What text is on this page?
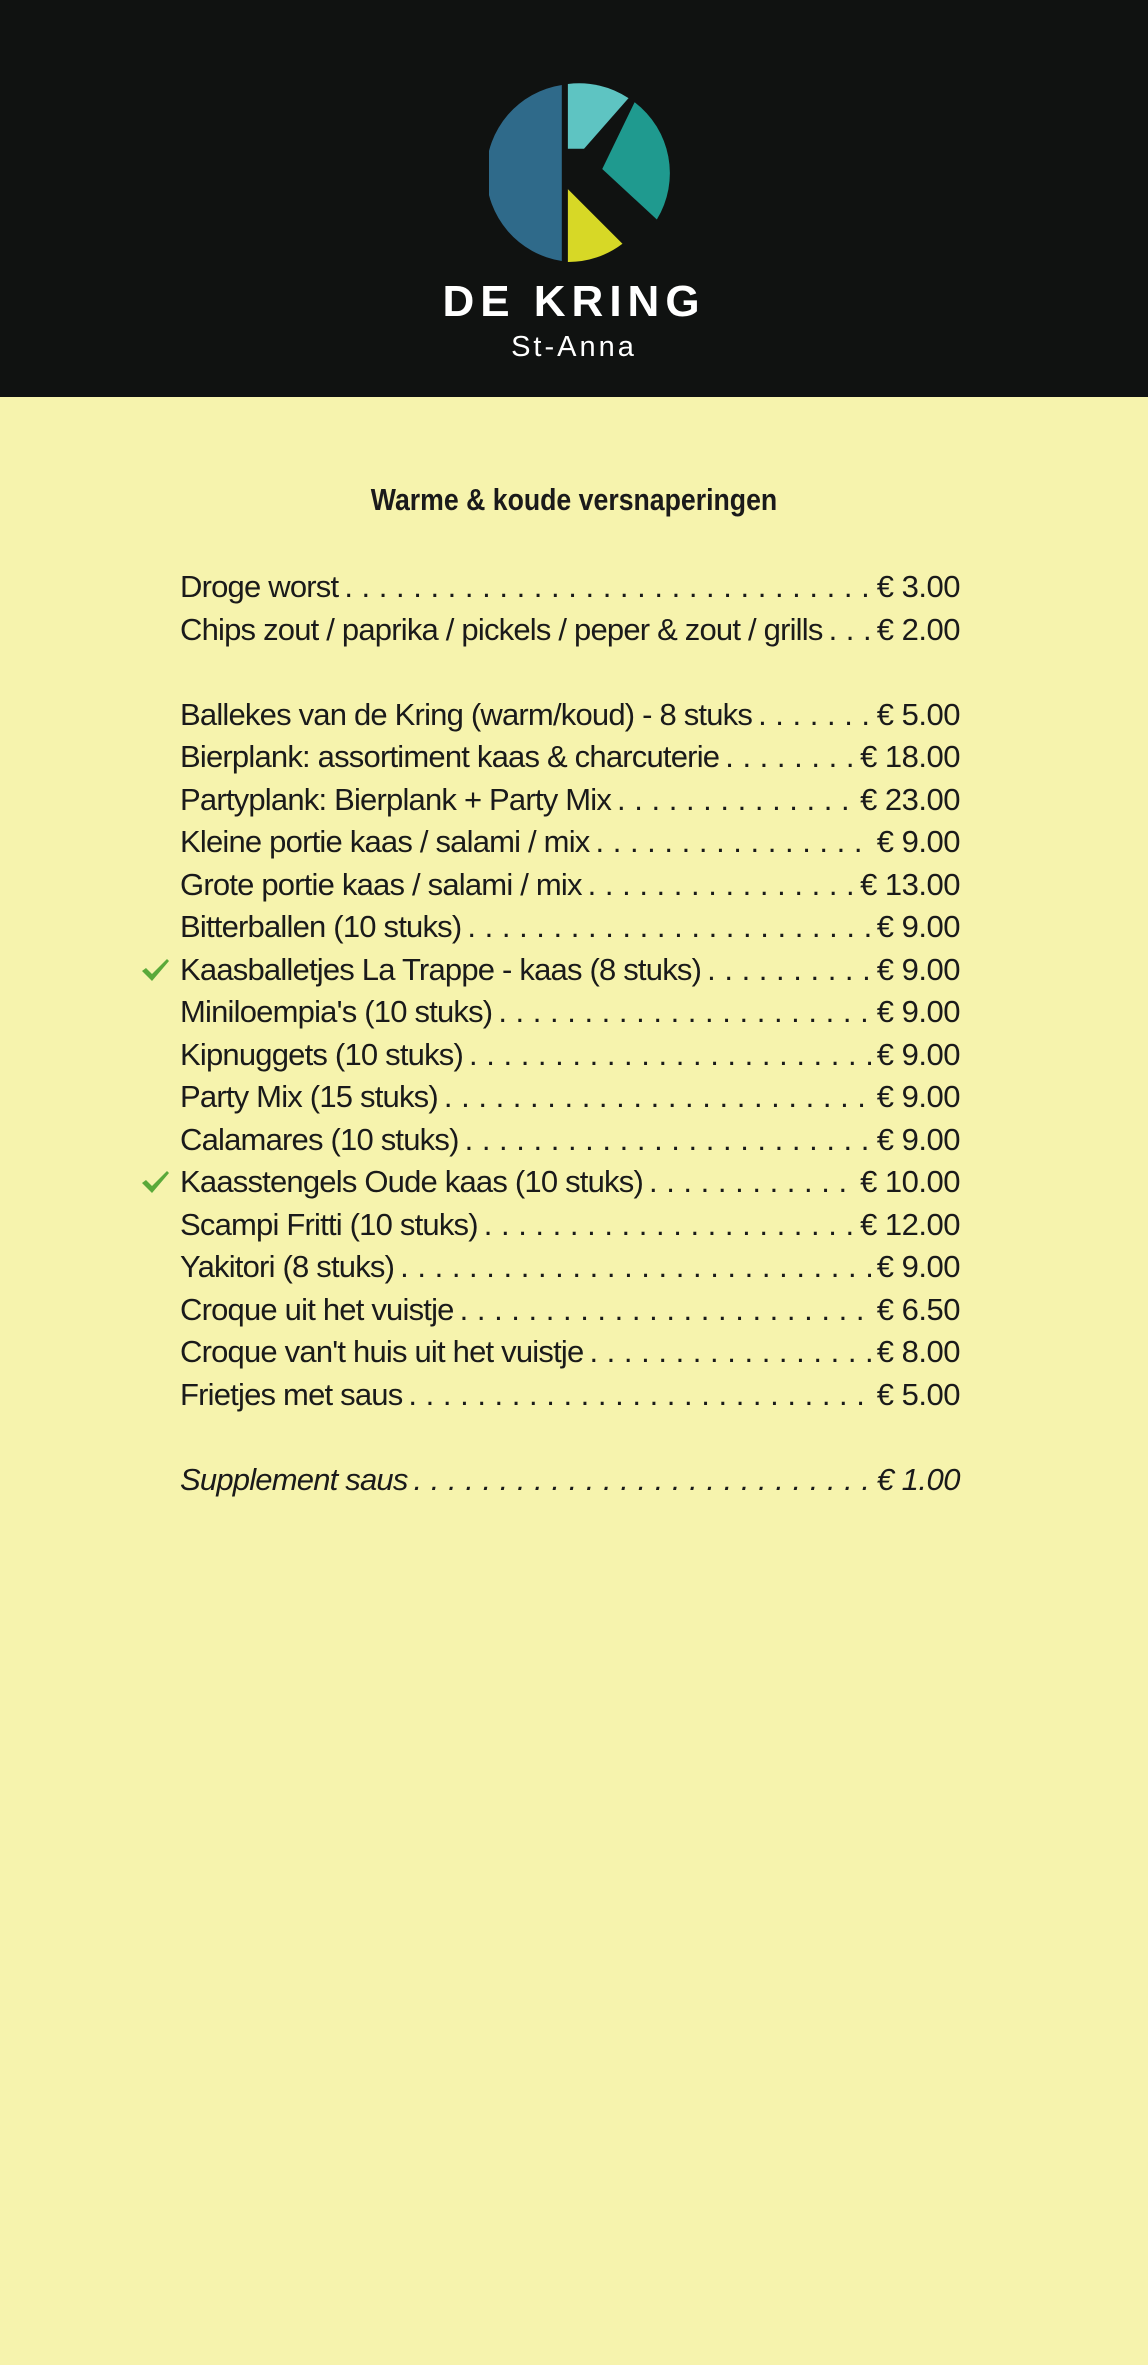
DE KRING

St-Anna

Warme & koude versnaperingen
Droge worst . . .	€ 3.00
Chips zout / paprika / pickels / peper & zout / grills . . . € 2.00
Ballekes van de Kring (warm/koud) - 8 stuks . . .	€ 5.00
Bierplank: assortiment kaas & charcuterie . . .	€ 18.00
Partyplank: Bierplank + Party Mix . . .	€ 23.00
Kleine portie kaas / salami / mix . . .	€ 9.00
Grote portie kaas / salami / mix . . .	€ 13.00
Bitterballen (10 stuks) . . .	€ 9.00
Kaasballetjes La Trappe - kaas (8 stuks) . . .	€ 9.00
Miniloempia's (10 stuks) . . .	€ 9.00
Kipnuggets (10 stuks) . . .	€ 9.00
Party Mix (15 stuks) . . .	€ 9.00
Calamares (10 stuks) . . .	€ 9.00
Kaasstengels Oude kaas (10 stuks) . . .	€ 10.00
Scampi Fritti (10 stuks) . . .	€ 12.00
Yakitori (8 stuks) . . .	€ 9.00
Croque uit het vuistje . . .	€ 6.50
Croque van't huis uit het vuistje . . .	€ 8.00
Frietjes met saus . . .	€ 5.00
Supplement saus . . .	€ 1.00
